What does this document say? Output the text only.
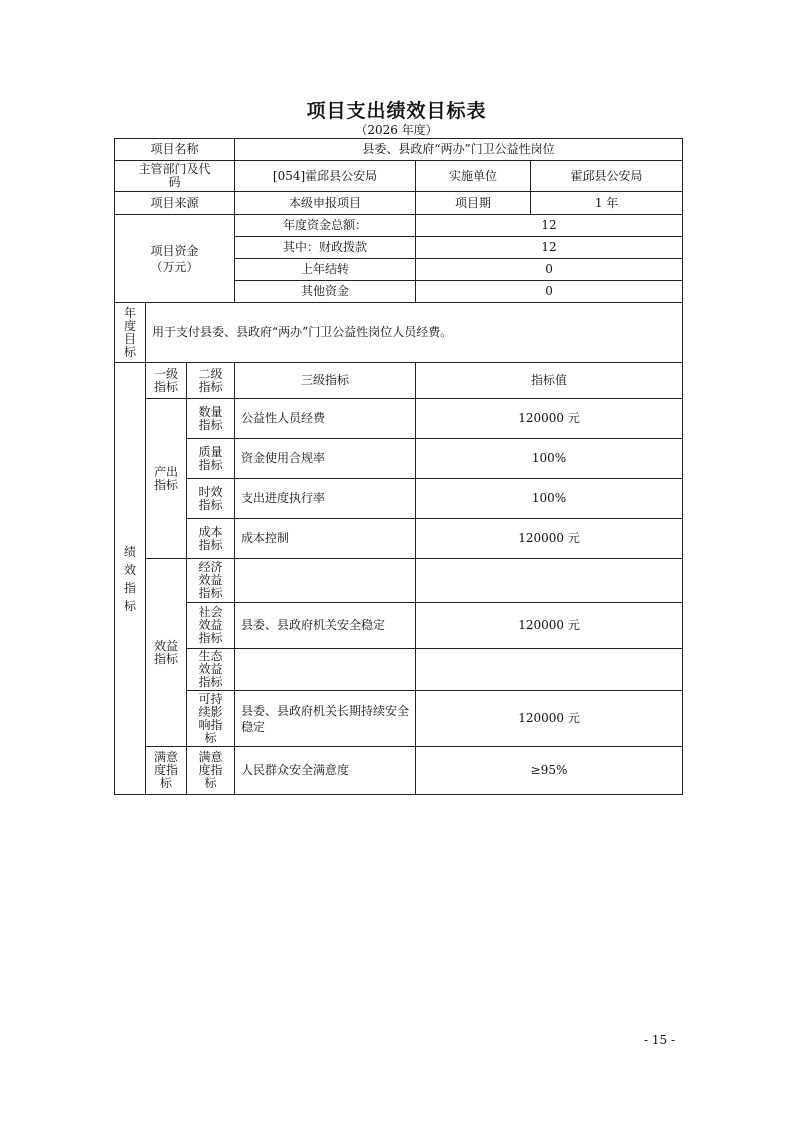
项目支出绩效目标表
（2026 年度）
项目名称			县委、县政府“两办”门卫公益性岗位		
主管部门及代码			[054]霍邱县公安局	实施单位	霍邱县公安局
项目来源			本级申报项目	项目期	1 年
项目资金（万元）			年度资金总额：	12	
			其中：财政拨款	12	
			上年结转	0	
			其他资金	0	
年度目标	用于支付县委、县政府“两办”门卫公益性岗位人员经费。				
绩效指标	一级指标	二级指标	三级指标	指标值	
	产出指标	数量指标	公益性人员经费	120000 元	
		质量指标	资金使用合规率	100%	
		时效指标	支出进度执行率	100%	
		成本指标	成本控制	120000 元	
	效益指标	经济效益指标			
		社会效益指标	县委、县政府机关安全稳定	120000 元	
		生态效益指标			
		可持续影响指标	县委、县政府机关长期持续安全稳定	120000 元	
	满意度指标	满意度指标	人民群众安全满意度	≥95%	
- 15 -
